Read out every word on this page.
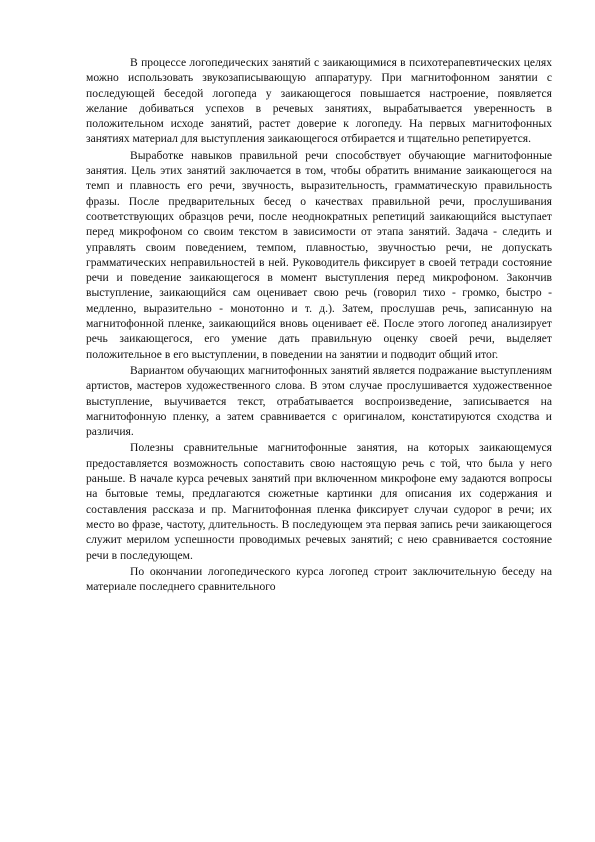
В процессе логопедических занятий с заикающимися в психотерапевтических целях можно использовать звукозаписывающую аппаратуру. При магнитофонном занятии с последующей беседой логопеда у заикающегося повышается настроение, появляется желание добиваться успехов в речевых занятиях, вырабатывается уверенность в положительном исходе занятий, растет доверие к логопеду. На первых магнитофонных занятиях материал для выступления заикающегося отбирается и тщательно репетируется.

Выработке навыков правильной речи способствует обучающие магнитофонные занятия. Цель этих занятий заключается в том, чтобы обратить внимание заикающегося на темп и плавность его речи, звучность, выразительность, грамматическую правильность фразы. После предварительных бесед о качествах правильной речи, прослушивания соответствующих образцов речи, после неоднократных репетиций заикающийся выступает перед микрофоном со своим текстом в зависимости от этапа занятий. Задача - следить и управлять своим поведением, темпом, плавностью, звучностью речи, не допускать грамматических неправильностей в ней. Руководитель фиксирует в своей тетради состояние речи и поведение заикающегося в момент выступления перед микрофоном. Закончив выступление, заикающийся сам оценивает свою речь (говорил тихо - громко, быстро - медленно, выразительно - монотонно и т. д.). Затем, прослушав речь, записанную на магнитофонной пленке, заикающийся вновь оценивает её. После этого логопед анализирует речь заикающегося, его умение дать правильную оценку своей речи, выделяет положительное в его выступлении, в поведении на занятии и подводит общий итог.

Вариантом обучающих магнитофонных занятий является подражание выступлениям артистов, мастеров художественного слова. В этом случае прослушивается художественное выступление, выучивается текст, отрабатывается воспроизведение, записывается на магнитофонную пленку, а затем сравнивается с оригиналом, констатируются сходства и различия.

Полезны сравнительные магнитофонные занятия, на которых заикающемуся предоставляется возможность сопоставить свою настоящую речь с той, что была у него раньше. В начале курса речевых занятий при включенном микрофоне ему задаются вопросы на бытовые темы, предлагаются сюжетные картинки для описания их содержания и составления рассказа и пр. Магнитофонная пленка фиксирует случаи судорог в речи; их место во фразе, частоту, длительность. В последующем эта первая запись речи заикающегося служит мерилом успешности проводимых речевых занятий; с нею сравнивается состояние речи в последующем.

По окончании логопедического курса логопед строит заключительную беседу на материале последнего сравнительного
